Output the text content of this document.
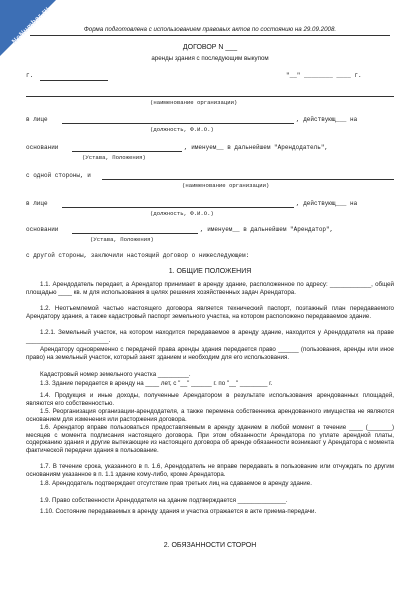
NoNumber.ru	Форма подготовлена с использованием правовых актов по состоянию на 29.09.2008.
ДОГОВОР N ___
аренды здания с последующим выкупом
г.	"__" ________ ____ г.
(наименование организации)
в лице	, действующ___ на
(должность, Ф.И.О.)
основании	, именуем__ в дальнейшем "Арендодатель",
(Устава, Положения)
с одной стороны, и
(наименование организации)
в лице	, действующ___ на
(должность, Ф.И.О.)
основании	, именуем__ в дальнейшем "Арендатор",
(Устава, Положения)
с другой стороны, заключили настоящий договор о нижеследующем:
1. ОБЩИЕ ПОЛОЖЕНИЯ
1.1. Арендодатель передает, а Арендатор принимает в аренду здание, расположенное по адресу: ____________, общей площадью ____ кв. м для использования в целях решения хозяйственных задач Арендатора.
1.2. Неотъемлемой частью настоящего договора является технический паспорт, поэтажный план передаваемого Арендатору здания, а также кадастровый паспорт земельного участка, на котором расположено передаваемое здание.
1.2.1. Земельный участок, на котором находится передаваемое в аренду здание, находится у Арендодателя на праве ________________________.
Арендатору одновременно с передачей права аренды здания передается право ______ (пользования, аренды или иное право) на земельный участок, который занят зданием и необходим для его использования.
Кадастровый номер земельного участка _________.
1.3. Здание передается в аренду на ____ лет, с "__" ______ г. по "__" ________ г.
1.4. Продукция и иные доходы, полученные Арендатором в результате использования арендованных площадей, являются его собственностью.
1.5. Реорганизация организации-арендодателя, а также перемена собственника арендованного имущества не являются основанием для изменения или расторжения договора.
1.6. Арендатор вправе пользоваться предоставляемым в аренду зданием в любой момент в течение ____ (_______) месяцев с момента подписания настоящего договора. При этом обязанности Арендатора по уплате арендной платы, содержанию здания и другие вытекающие из настоящего договора об аренде обязанности возникают у Арендатора с момента фактической передачи здания в пользование.
1.7. В течение срока, указанного в п. 1.6, Арендодатель не вправе передавать в пользование или отчуждать по другим основаниям указанное в п. 1.1 здание кому-либо, кроме Арендатора.
1.8. Арендодатель подтверждает отсутствие прав третьих лиц на сдаваемое в аренду здание.
1.9. Право собственности Арендодателя на здание подтверждается ______________.
1.10. Состояние передаваемых в аренду здания и участка отражается в акте приема-передачи.
2. ОБЯЗАННОСТИ СТОРОН
